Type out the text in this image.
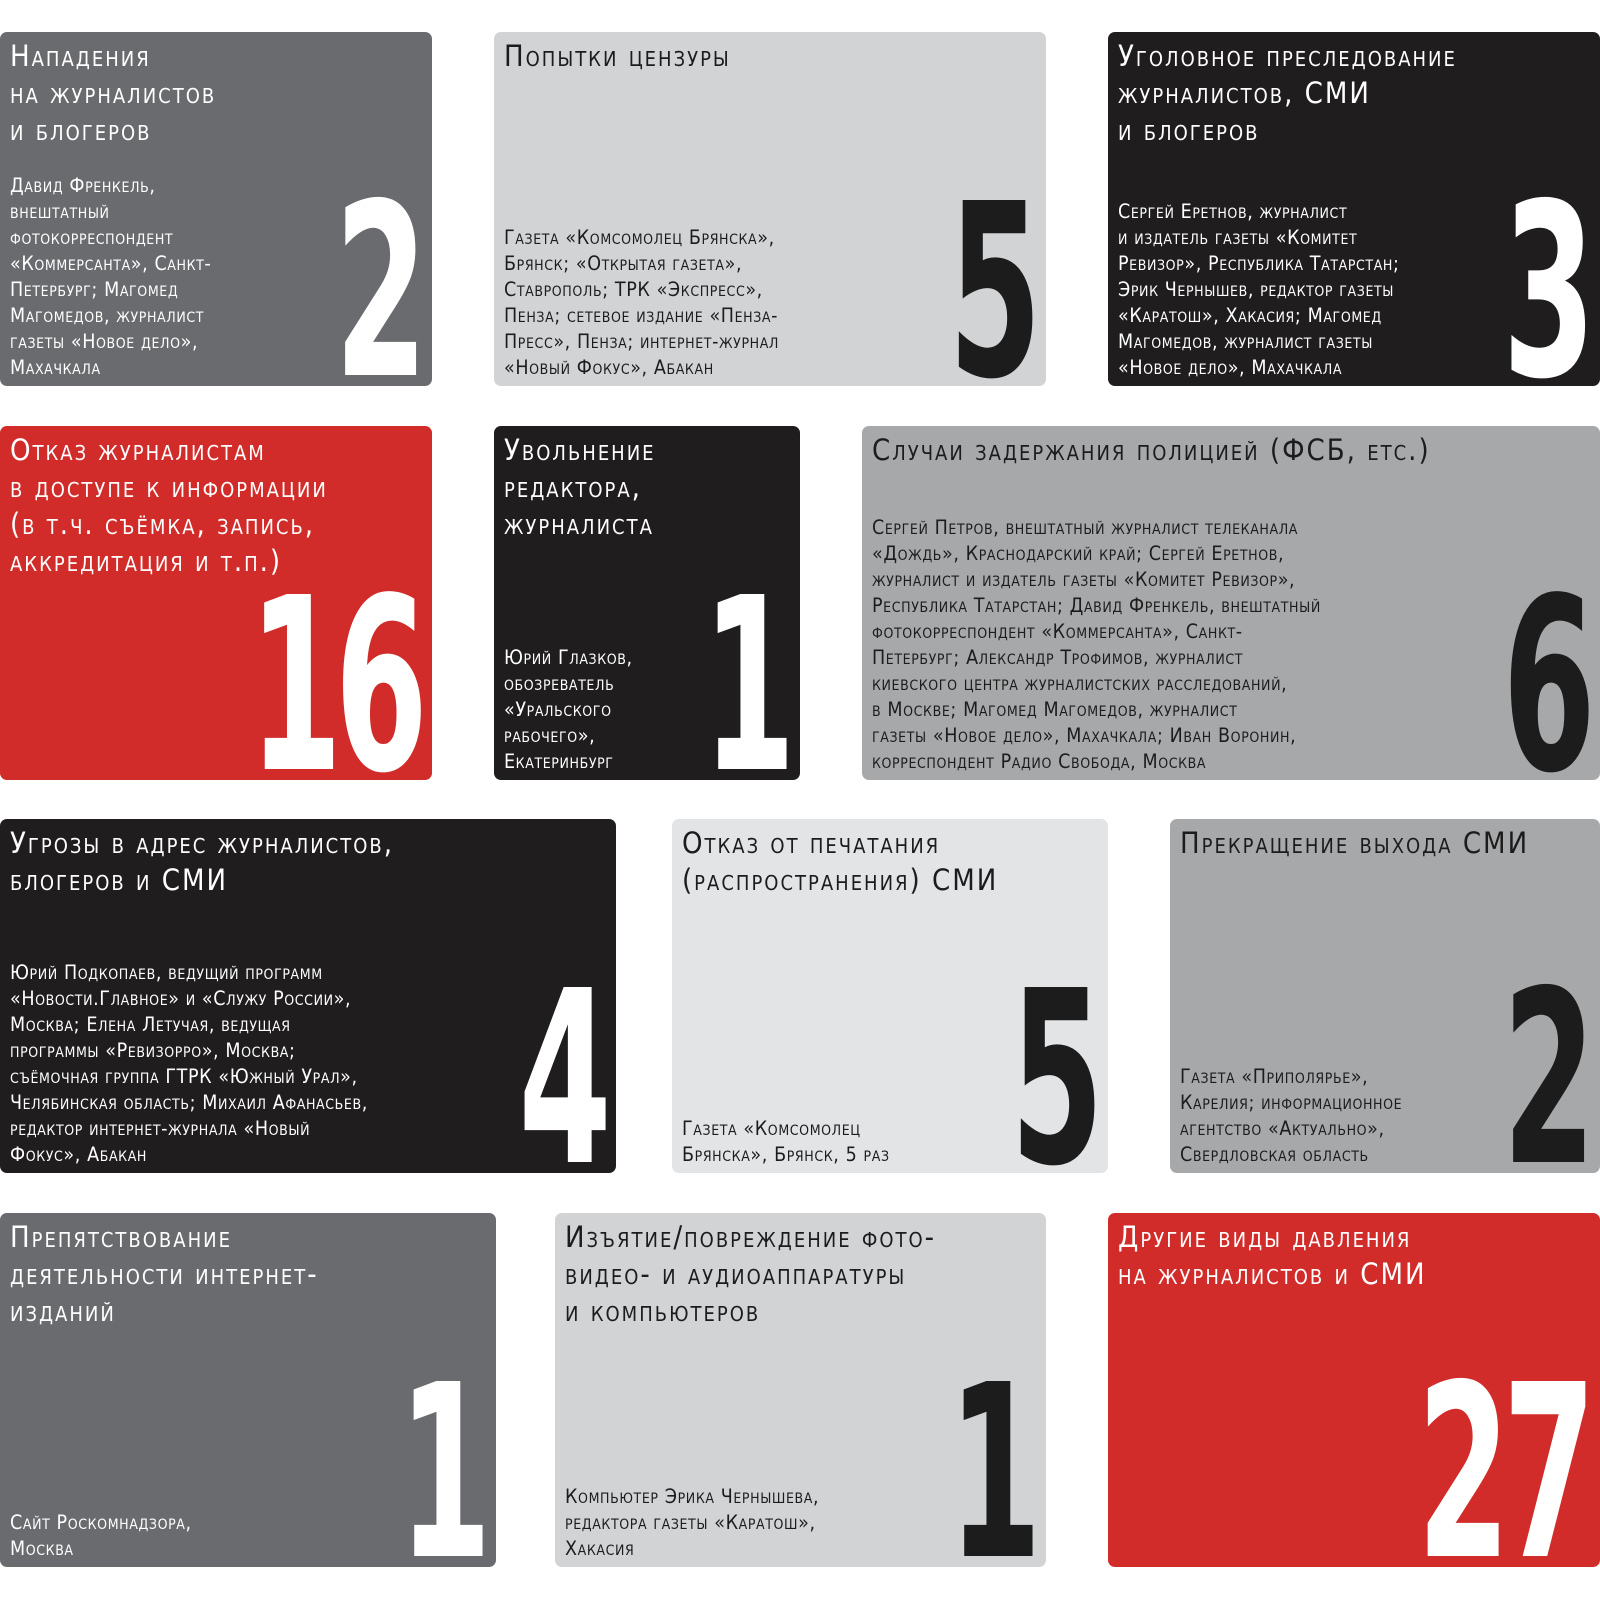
Нападения
на журналистов
и блогеров
Давид Френкель,
внештатный
фотокорреспондент
«Коммерсанта», Санкт-
Петербург; Магомед
Магомедов, журналист
газеты «Новое дело»,
Махачкала 2
Попытки цензуры
Газета «Комсомолец Брянска»,
Брянск; «Открытая газета»,
Ставрополь; ТРК «Экспресс»,
Пенза; сетевое издание «Пенза-
Пресс», Пенза; интернет-журнал
«Новый Фокус», Абакан 5
Уголовное преследование
журналистов, СМИ
и блогеров
Сергей Еретнов, журналист
и издатель газеты «Комитет
Ревизор», Республика Татарстан;
Эрик Чернышев, редактор газеты
«Каратош», Хакасия; Магомед
Магомедов, журналист газеты
«Новое дело», Махачкала 3
Отказ журналистам
в доступе к информации
(в т.ч. съёмка, запись,
аккредитация и т.п.)
16
Увольнение
редактора,
журналиста
Юрий Глазков,
обозреватель
«Уральского
рабочего»,
Екатеринбург 1
Случаи задержания полицией (ФСБ, етс.)
Сергей Петров, внештатный журналист телеканала
«Дождь», Краснодарский край; Сергей Еретнов,
журналист и издатель газеты «Комитет Ревизор»,
Республика Татарстан; Давид Френкель, внештатный
фотокорреспондент «Коммерсанта», Санкт-
Петербург; Александр Трофимов, журналист
киевского центра журналистских расследований,
в Москве; Магомед Магомедов, журналист
газеты «Новое дело», Махачкала; Иван Воронин,
корреспондент Радио Свобода, Москва	6
Угрозы в адрес журналистов,
блогеров и СМИ
Юрий Подкопаев, ведущий программ
«Новости.Главное» и «Служу России»,
Москва; Елена Летучая, ведущая
программы «Ревизорро», Москва;
съёмочная группа ГТРК «Южный Урал»,
Челябинская область; Михаил Афанасьев,
редактор интернет-журнала «Новый
Фокус», Абакан	4
Отказ от печатания
(распространения) СМИ
Газета «Комсомолец
Брянска», Брянск, 5 раз 5
Прекращение выхода СМИ
Газета «Приполярье»,
Карелия; информационное
агентство «Актуально»,
Свердловская область 2
Препятствование
деятельности интернет-
изданий
Сайт Роскомнадзора,
Москва	1
Изъятие/повреждение фото-
видео- и аудиоаппаратуры
и компьютеров
Компьютер Эрика Чернышева,
редактора газеты «Каратош»,
Хакасия	1
Другие виды давления
на журналистов и СМИ
27
